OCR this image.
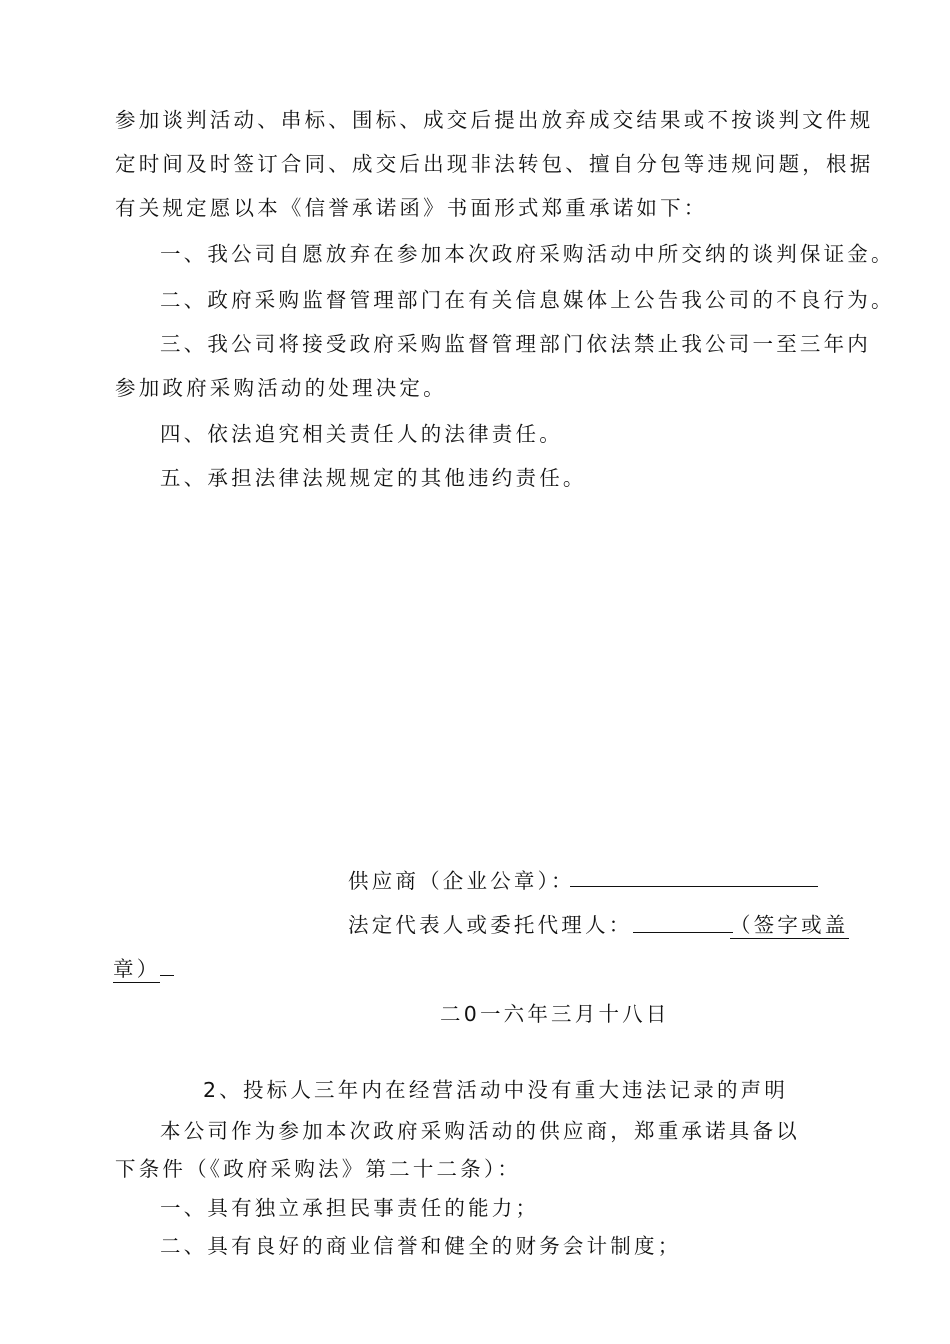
参加谈判活动、串标、围标、成交后提出放弃成交结果或不按谈判文件规
定时间及时签订合同、成交后出现非法转包、擅自分包等违规问题，根据
有关规定愿以本《信誉承诺函》书面形式郑重承诺如下：
一、我公司自愿放弃在参加本次政府采购活动中所交纳的谈判保证金。
二、政府采购监督管理部门在有关信息媒体上公告我公司的不良行为。
三、我公司将接受政府采购监督管理部门依法禁止我公司一至三年内
参加政府采购活动的处理决定。
四、依法追究相关责任人的法律责任。
五、承担法律法规规定的其他违约责任。
供应商（企业公章）：
法定代表人或委托代理人：	（签字或盖
章）
二0一六年三月十八日
2、投标人三年内在经营活动中没有重大违法记录的声明
本公司作为参加本次政府采购活动的供应商，郑重承诺具备以
下条件（《政府采购法》第二十二条）：
一、具有独立承担民事责任的能力；
二、具有良好的商业信誉和健全的财务会计制度；
